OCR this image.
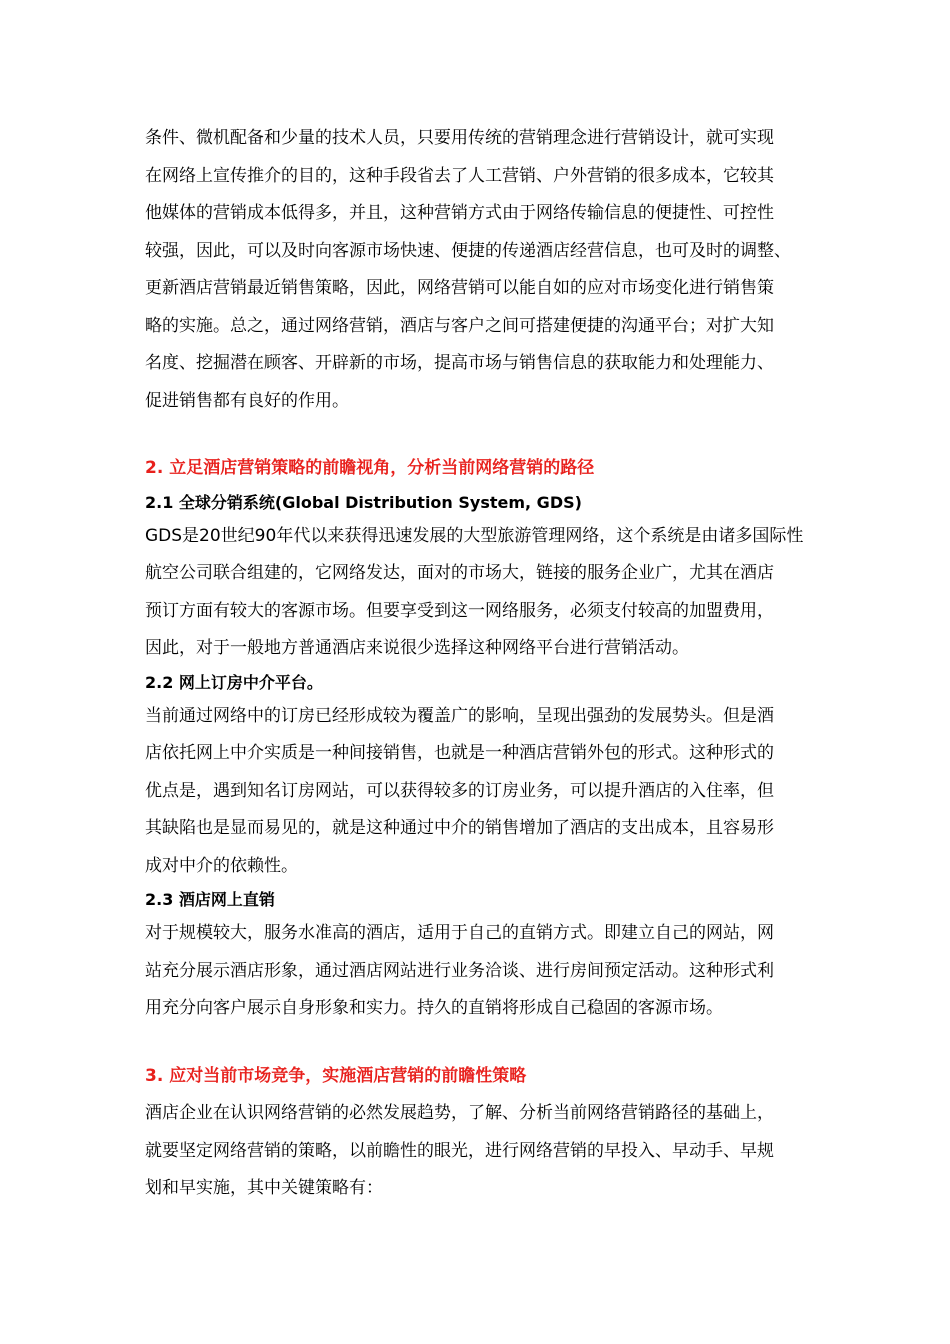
条件、微机配备和少量的技术人员，只要用传统的营销理念进行营销设计，就可实现
在网络上宣传推介的目的，这种手段省去了人工营销、户外营销的很多成本，它较其
他媒体的营销成本低得多，并且，这种营销方式由于网络传输信息的便捷性、可控性
较强，因此，可以及时向客源市场快速、便捷的传递酒店经营信息，也可及时的调整、
更新酒店营销最近销售策略，因此，网络营销可以能自如的应对市场变化进行销售策
略的实施。总之，通过网络营销，酒店与客户之间可搭建便捷的沟通平台；对扩大知
名度、挖掘潜在顾客、开辟新的市场，提高市场与销售信息的获取能力和处理能力、
促进销售都有良好的作用。
2. 立足酒店营销策略的前瞻视角，分析当前网络营销的路径
2.1 全球分销系统(Global Distribution System, GDS)
GDS是20世纪90年代以来获得迅速发展的大型旅游管理网络，这个系统是由诸多国际性
航空公司联合组建的，它网络发达，面对的市场大，链接的服务企业广，尤其在酒店
预订方面有较大的客源市场。但要享受到这一网络服务，必须支付较高的加盟费用，
因此，对于一般地方普通酒店来说很少选择这种网络平台进行营销活动。
2.2 网上订房中介平台。
当前通过网络中的订房已经形成较为覆盖广的影响，呈现出强劲的发展势头。但是酒
店依托网上中介实质是一种间接销售，也就是一种酒店营销外包的形式。这种形式的
优点是，遇到知名订房网站，可以获得较多的订房业务，可以提升酒店的入住率，但
其缺陷也是显而易见的，就是这种通过中介的销售增加了酒店的支出成本，且容易形
成对中介的依赖性。
2.3 酒店网上直销
对于规模较大，服务水准高的酒店，适用于自己的直销方式。即建立自己的网站，网
站充分展示酒店形象，通过酒店网站进行业务洽谈、进行房间预定活动。这种形式利
用充分向客户展示自身形象和实力。持久的直销将形成自己稳固的客源市场。
3. 应对当前市场竞争，实施酒店营销的前瞻性策略
酒店企业在认识网络营销的必然发展趋势，了解、分析当前网络营销路径的基础上，
就要坚定网络营销的策略，以前瞻性的眼光，进行网络营销的早投入、早动手、早规
划和早实施，其中关键策略有：
